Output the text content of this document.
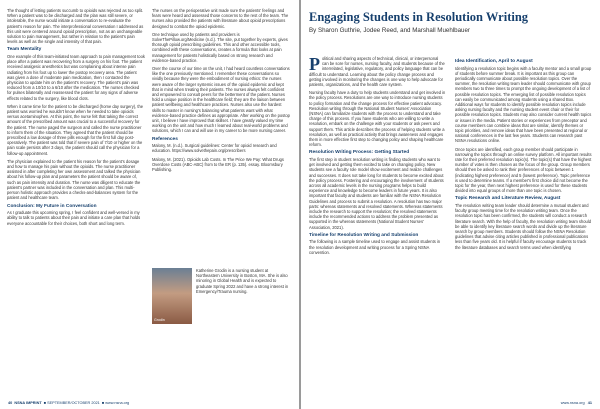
The thought of letting patients succumb to opioids was rejected as too split. When a patient was to be discharged and the plan was still severe, or intolerable, the nurse would initiate a conversation to re-evaluate the patient's reason for pain. The interprofessional conversation I addressed as this unit were centered around opioid prescription, not as an unchangeable solution to pain management, but rather in relation to the patient's pain levels as well as the single and intensity of that pain.

Team Mentality

One example of this team-initiated team approach to pain management took place after a patient was recovering from a surgery on his foot. The patient received analgesic anesthetics but was complaining about intense pain radiating from his foot up to lower the postop recovery area. The patient was given a dose of moderate pain medication, then I contacted the physician to update him on the patient's recovery. The patient's pain was reduced from a 10/10 to a 6/10 after the medication. The nurses checked for pulses bilaterally and reassessed the patient for any signs of adverse effects related to the surgery, like blood clots.

When it came time for the patient to be discharged (home day surgery), the patient was worried he wouldn't know when he needed to take opioids versus acetaminophen. At this point, the nurse felt that taking the correct amount of the prescribed amount was crucial to a successful recovery for the patient. The nurse paged the surgeon and called the nurse practitioner to inform them of the situation. They agreed that the patient should be prescribed a low dosage of three pills enough for the first full day post-operatively. The patient was told that if severe pain of 7/10 or higher on the pain scale persists after 3 days, the patient should call the physician for a follow-up appointment.

The physician explained to the patient his reason for the patient's dosage and how to manage his pain without the opioids. The nurse practitioner assisted in after completing her own assessment and talked the physician about his follow-up plan and parameters the patient should be aware of, such as pain intensity and duration. The nurse was diligent to educate the patient's partner was included in the conversation and plan. This multi-person holistic approach provides a checks-and-balances system for the patient and healthcare team.

Conclusion: My Future in Conversation

As I graduate this upcoming spring, I feel confident and well-versed in my ability to talk to patients about their pain and initiate a care plan that holds everyone accountable for their choices, both short and long term.

The nurses on the perioperative unit made sure the patients' feelings and fears were heard and assessed those concerns to the rest of the team. The nurses also provided the patients with literature about opioid prescriptions designed to combat the opioid epidemic.

One technique used by patients and providers is SolveThePillow.org/Medicine (n.d.). The site, put together by experts, gives thorough opioid prescribing guidelines. This and other accessible tools, combined with these conversations, creates a formula that looks at pain management for patients holistically based on strong research and evidence-based practice.

Over the course of our time on the unit, I had heard countless conversations like the one previously mentioned. I remember these conversations so vividly because they were the embodiment of nursing ethics: the nurses were aware of the larger systemic issues of the opioid epidemic and kept that in mind when treating their patients. The nurses always felt confident and empowered to consult peers for the betterment of the patient. Nurses hold a unique position in the healthcare field; they are the liaison between patient wellbeing and healthcare practices. Nurses also use the hardest skills to master in nursing's balancing what patients want with what evidence-based practice defines as appropriate. After working on the postop unit, I believe I have improved that skillset. I have greatly valued my time working on the unit and how much I learned about real-world problems and solutions, which I can and will use in my career to be more nursing career.

References

Malony, M. (n.d.). Surgical guidelines: Center for opioid research and education. https://www.solvethepain.org/prescribers

Malony, M. (2021). Opioids Lab Costs. In The Price We Pay: What Drugs Overdose Costs (ABC-ABC) from to the ER (p. 135). essay. Bloomsbury Publishing.

Grodin

Katherine Grodin is a nursing student at Northeastern University in Boston, MA. She is also minoring in Global Health and is expected to graduate Spring 2022 and have a strong interest in Emergency/Trauma nursing.

40 NSNA IMPRINT  ■ SEPTEMBER/OCTOBER 2021  ■ www.nsna.org
Engaging Students in Resolution Writing
By Sharon Guthrie, Jodee Reed, and Marshall Muehlbauer

Political and sharing aspects of technical, clinical, or interpersonal can be sore for nurses, nursing faculty, and students because of the interrelated, legislative, regulatory, and policy language that can be difficult to understand. Learning about the policy change process and getting involved in monitoring the changes is one way to help advocate for patients, organizations, and the health care system.

Nursing faculty have a duty to help students understand and get involved in the policy process. Resolutions are one way to introduce nursing students to policy formation and the change process for effective patient advocacy. Resolution writing through the National Student Nurses' Association (NSNA) can familiarize students with the process to understand and take charge of this process. If you have students who are willing to write a resolution, embark on the challenge with your students or ask peers and support them. This article describes the process of helping students write a resolution, as well as practical activity that brings awareness and engages them in more effective first step to changing policy and shaping healthcare reform.

Resolution Writing Process: Getting Started

The first step in student resolution writing is finding students who want to get involved and getting them excited to take on changing policy. New students see a faculty role model show excitement and realize challenges and successes. It does not take long for students to become excited about the policy process. Fostering and encouraging the involvement of students across all academic levels in the nursing programs helps to build experience and knowledge to become leaders in future years. It is also important that faculty and students are familiar with the NSNA Resolution Guidelines and process to submit a resolution. A resolution has two major parts: whereas statements and resolved statements. Whereas statements include the research to support the resolution; the resolved statements include the recommended actions to address the problem presented as supported in the whereas statements (National Student Nurses' Association, 2021).

Timeline for Resolution Writing and Submission

The following is a sample timeline used to engage and assist students in the resolution development and writing process for a Spring NSNA convention.

Idea Identification, April to August

Identifying a resolution topic begins with a faculty mentor and a small group of students before summer break. It is important as this group can periodically communicate about possible resolution topics. Over the summer, the resolution writing team leader should communicate with group members two to three times to prompt the ongoing development of a list of possible resolution topics. The emerging list of possible resolution topics can easily be communicated among students using a shared Box. Additional ways for students to identify possible resolution topics include asking nursing faculty and the nursing student event chair or their for possible resolution topics. Students may also consider current health topics or issues in the media. Patient stories or experiences from preceptor and course members can combine ideas that are similar, identify themes or topic priorities, and remove ideas that have been presented at regional or national conferences in the last few years. Students can research past NSNA resolutions online.

Once topics are identified, each group member should participate in narrowing the topics through an online survey platform. All important results rate for their preferred resolution topic(s). The topic(s) that have the highest number of votes is then chosen as the focus of the group. Group members should then be asked to rank their preferences of topic between 1 (indicating highest preference) and 5 (lowest preference). Topic preference is used to determine teams. If a member's first choice did not become the topic for the year, then next highest preference is used for these students divided into equal groups of more than one topic is chosen.

Topic Research and Literature Review, August

The resolution writing team leader should determine a mutual student and faculty group meeting time for the resolution writing team. Once the resolution topic has been confirmed, the students will conduct a research literature search. With the help of faculty, the resolution writing team should be able to identify key literature search words and divide up the literature search by group members. Students should follow the NSNA Resolution guidelines that advise citing articles published in professional publications less than five years old. It is helpful if faculty encourage students to track the literature databases and search terms used when identifying

www.nsna.org 41
